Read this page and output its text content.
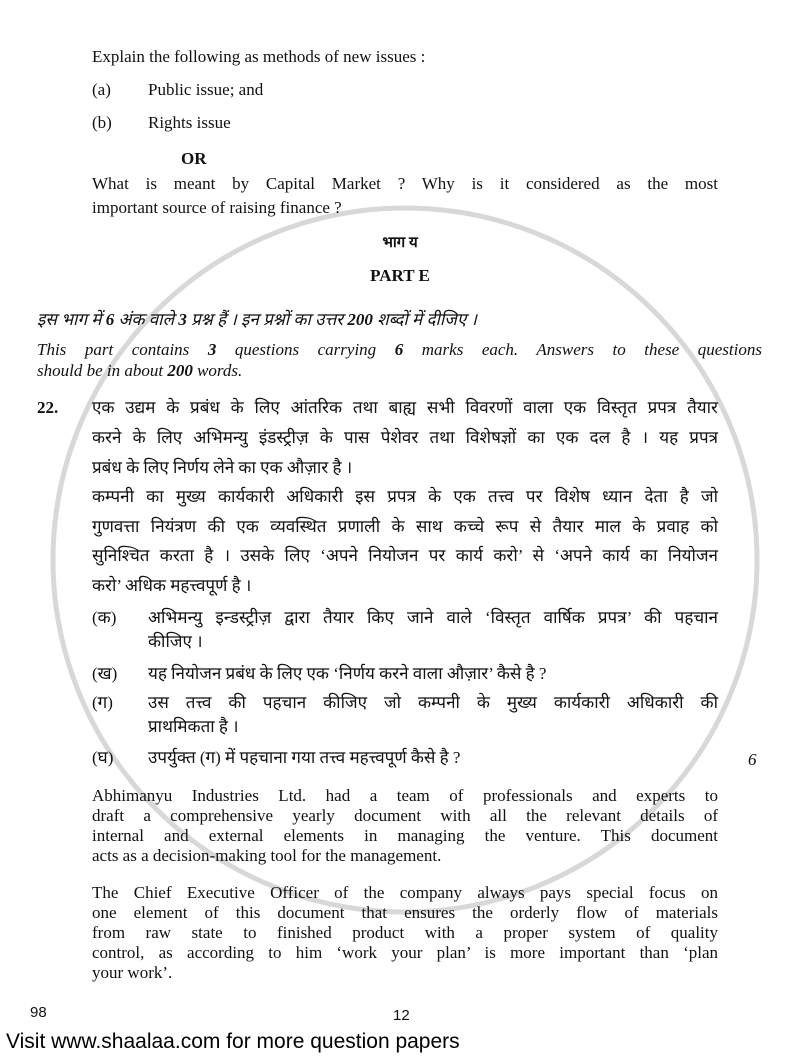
Explain the following as methods of new issues :
(a) Public issue; and
(b) Rights issue
OR
What is meant by Capital Market ? Why is it considered as the most
important source of raising finance ?
भाग य
PART E
इस भाग में 6 अंक वाले 3 प्रश्न हैं । इन प्रश्नों का उत्तर 200 शब्दों में दीजिए ।
This part contains 3 questions carrying 6 marks each. Answers to these questions
should be in about 200 words.
22. एक उद्यम के प्रबंध के लिए आंतरिक तथा बाह्य सभी विवरणों वाला एक विस्तृत प्रपत्र तैयार
करने के लिए अभिमन्यु इंडस्ट्रीज़ के पास पेशेवर तथा विशेषज्ञों का एक दल है । यह प्रपत्र
प्रबंध के लिए निर्णय लेने का एक औज़ार है ।
कम्पनी का मुख्य कार्यकारी अधिकारी इस प्रपत्र के एक तत्त्व पर विशेष ध्यान देता है जो
गुणवत्ता नियंत्रण की एक व्यवस्थित प्रणाली के साथ कच्चे रूप से तैयार माल के प्रवाह को
सुनिश्चित करता है । उसके लिए ‘अपने नियोजन पर कार्य करो’ से ‘अपने कार्य का नियोजन
करो’ अधिक महत्त्वपूर्ण है ।
(क) अभिमन्यु इन्डस्ट्रीज़ द्वारा तैयार किए जाने वाले ‘विस्तृत वार्षिक प्रपत्र’ की पहचान
कीजिए ।
(ख) यह नियोजन प्रबंध के लिए एक ‘निर्णय करने वाला औज़ार’ कैसे है ?
(ग) उस तत्त्व की पहचान कीजिए जो कम्पनी के मुख्य कार्यकारी अधिकारी की
प्राथमिकता है ।
(घ) उपर्युक्त (ग) में पहचाना गया तत्त्व महत्त्वपूर्ण कैसे है ?	6
Abhimanyu Industries Ltd. had a team of professionals and experts to
draft a comprehensive yearly document with all the relevant details of
internal and external elements in managing the venture. This document
acts as a decision-making tool for the management.
The Chief Executive Officer of the company always pays special focus on
one element of this document that ensures the orderly flow of materials
from raw state to finished product with a proper system of quality
control, as according to him ‘work your plan’ is more important than ‘plan
your work’.
98	12
Visit www.shaalaa.com for more question papers
